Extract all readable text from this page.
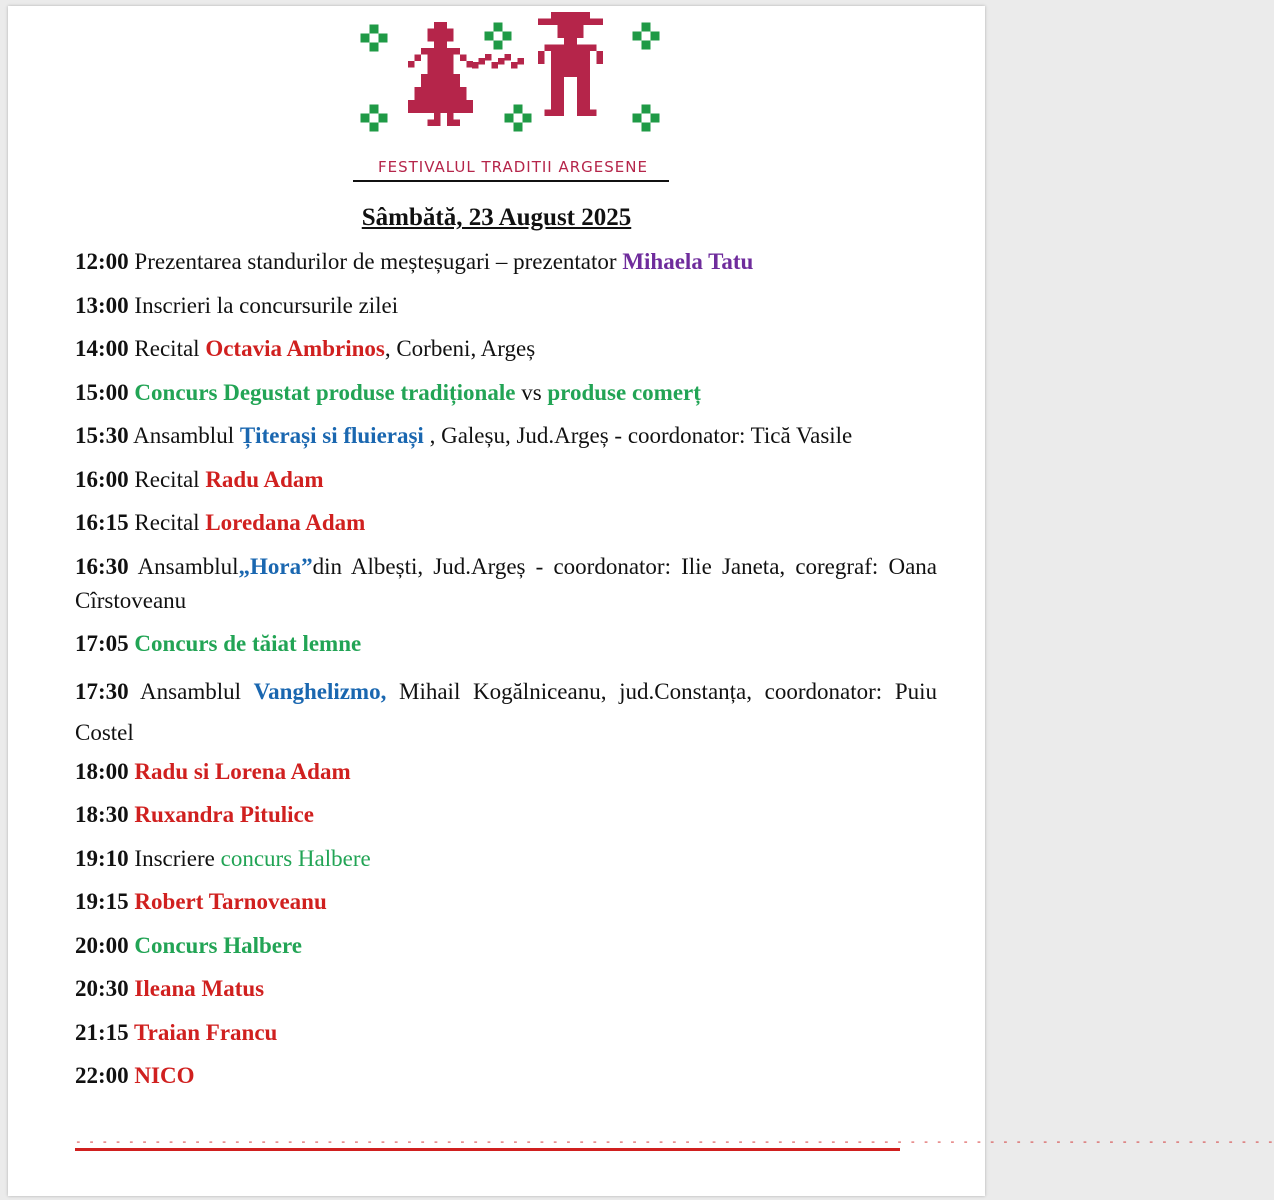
FESTIVALUL TRADITII ARGESENE
Sâmbătă, 23 August 2025
12:00 Prezentarea standurilor de meșteșugari – prezentator Mihaela Tatu
13:00 Inscrieri la concursurile zilei
14:00 Recital Octavia Ambrinos, Corbeni, Argeș
15:00 Concurs Degustat produse tradiționale vs produse comerț
15:30 Ansamblul Țiterași si fluierași , Galeșu, Jud.Argeș - coordonator: Tică Vasile
16:00 Recital Radu Adam
16:15 Recital Loredana Adam
16:30 Ansamblul„Hora”din Albești, Jud.Argeș - coordonator: Ilie Janeta, coregraf: Oana Cîrstoveanu
17:05 Concurs de tăiat lemne
17:30 Ansamblul Vanghelizmo, Mihail Kogălniceanu, jud.Constanța, coordonator: Puiu Costel
18:00 Radu si Lorena Adam
18:30 Ruxandra Pitulice
19:10 Inscriere concurs Halbere
19:15 Robert Tarnoveanu
20:00 Concurs Halbere
20:30 Ileana Matus
21:15 Traian Francu
22:00 NICO
- - - - - - - - - - - - - - - - - - - - - - - - - - - - - - - - - - - - - - - - - - - - - - - - - - - - - - - - - - - - - - - - - - - - - - - - - - - - - - - - - - - - - - - - - - -
